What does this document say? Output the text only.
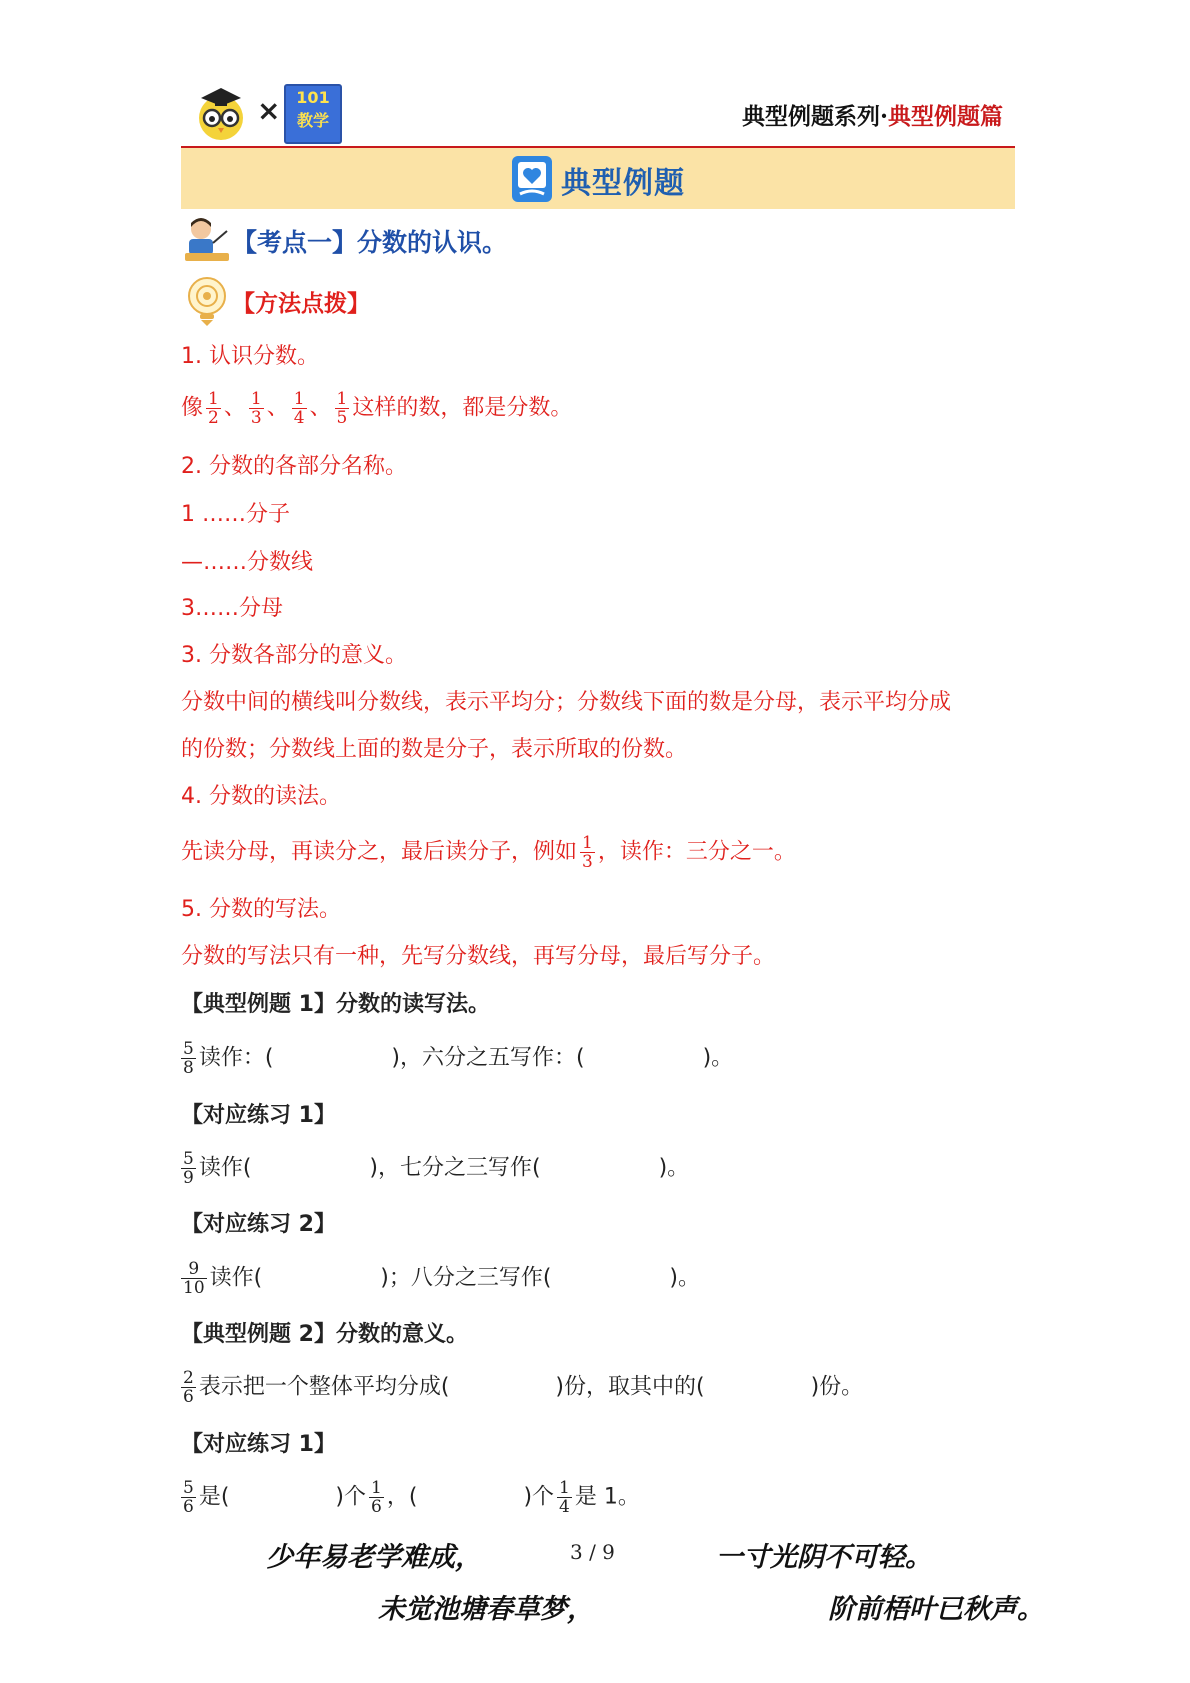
× 101
教学	典型例题系列·典型例题篇
典型例题
【考点一】分数的认识。
【方法点拨】
1. 认识分数。
像 $\frac{1}{2}$ 、 $\frac{1}{3}$ 、 $\frac{1}{4}$ 、 $\frac{1}{5}$ 这样的数，都是分数。
2. 分数的各部分名称。
1 ……分子
—……分数线
3……分母
3. 分数各部分的意义。
分数中间的横线叫分数线，表示平均分；分数线下面的数是分母，表示平均分成
的份数；分数线上面的数是分子，表示所取的份数。
4. 分数的读法。
先读分母，再读分之，最后读分子，例如 $\frac{1}{3}$ ，读作：三分之一。
5. 分数的写法。
分数的写法只有一种，先写分数线，再写分母，最后写分子。
【典型例题 1】分数的读写法。
$\frac{5}{8}$ 读作：(	)，六分之五写作：(	)。
【对应练习 1】
$\frac{5}{9}$ 读作(	)，七分之三写作(	)。
【对应练习 2】
$\frac{9}{10}$ 读作(	)；八分之三写作(	)。
【典型例题 2】分数的意义。
$\frac{2}{6}$ 表示把一个整体平均分成(	)份，取其中的(	)份。
【对应练习 1】
$\frac{5}{6}$ 是(	)个 $\frac{1}{6}$ ，(	)个 $\frac{1}{4}$ 是 1。
少年易老学难成，	3 / 9	一寸光阴不可轻。
未觉池塘春草梦，	阶前梧叶已秋声。
